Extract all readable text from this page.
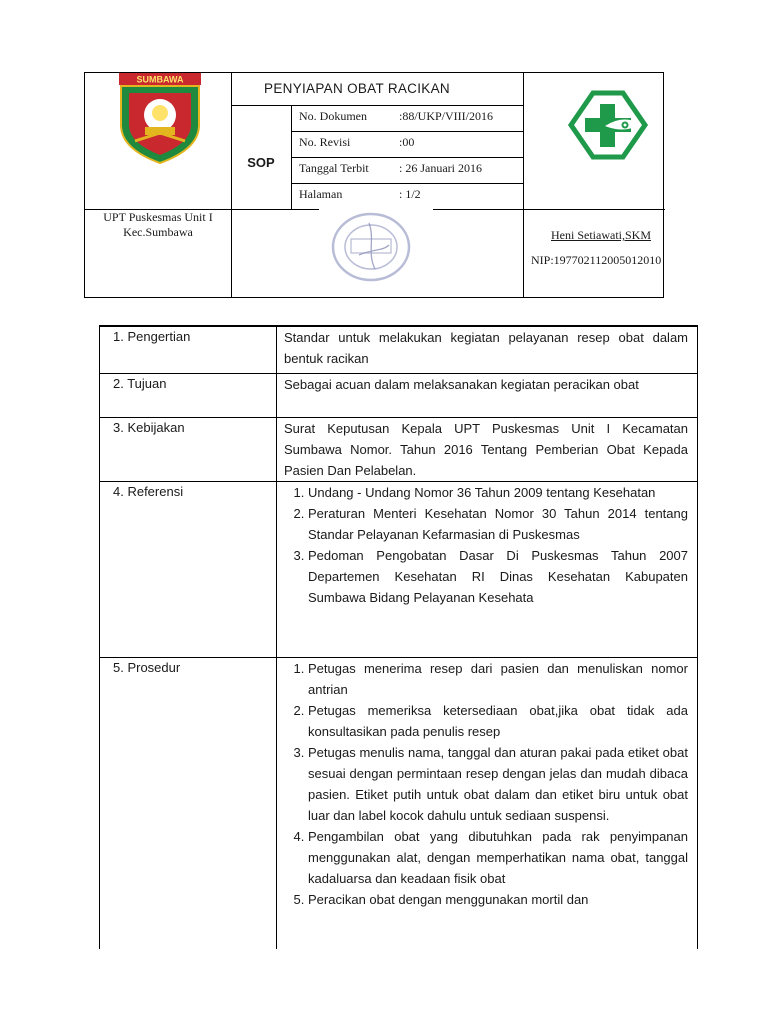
SUMBAWA
PENYIAPAN OBAT RACIKAN
SOP
No. Dokumen	:88/UKP/VIII/2016
No. Revisi	:00
Tanggal Terbit	: 26 Januari 2016
Halaman	: 1/2
UPT Puskesmas Unit I
Kec.Sumbawa	Heni Setiawati,SKM
NIP:197702112005012010
1. Pengertian	Standar untuk melakukan kegiatan pelayanan resep obat dalam bentuk racikan
2. Tujuan	Sebagai acuan dalam melaksanakan kegiatan peracikan obat
3. Kebijakan	Surat Keputusan Kepala UPT Puskesmas Unit I Kecamatan Sumbawa Nomor. Tahun 2016 Tentang Pemberian Obat Kepada Pasien Dan Pelabelan.
4. Referensi	1. Undang - Undang Nomor 36 Tahun 2009 tentang Kesehatan
2. Peraturan Menteri Kesehatan Nomor 30 Tahun 2014 tentang Standar Pelayanan Kefarmasian di Puskesmas
3. Pedoman Pengobatan Dasar Di Puskesmas Tahun 2007 Departemen Kesehatan RI Dinas Kesehatan Kabupaten Sumbawa Bidang Pelayanan Kesehata
5. Prosedur	1. Petugas menerima resep dari pasien dan menuliskan nomor antrian
2. Petugas memeriksa ketersediaan obat,jika obat tidak ada konsultasikan pada penulis resep
3. Petugas menulis nama, tanggal dan aturan pakai pada etiket obat sesuai dengan permintaan resep dengan jelas dan mudah dibaca pasien. Etiket putih untuk obat dalam dan etiket biru untuk obat luar dan label kocok dahulu untuk sediaan suspensi.
4. Pengambilan obat yang dibutuhkan pada rak penyimpanan menggunakan alat, dengan memperhatikan nama obat, tanggal kadaluarsa dan keadaan fisik obat
5. Peracikan obat dengan menggunakan mortil dan
